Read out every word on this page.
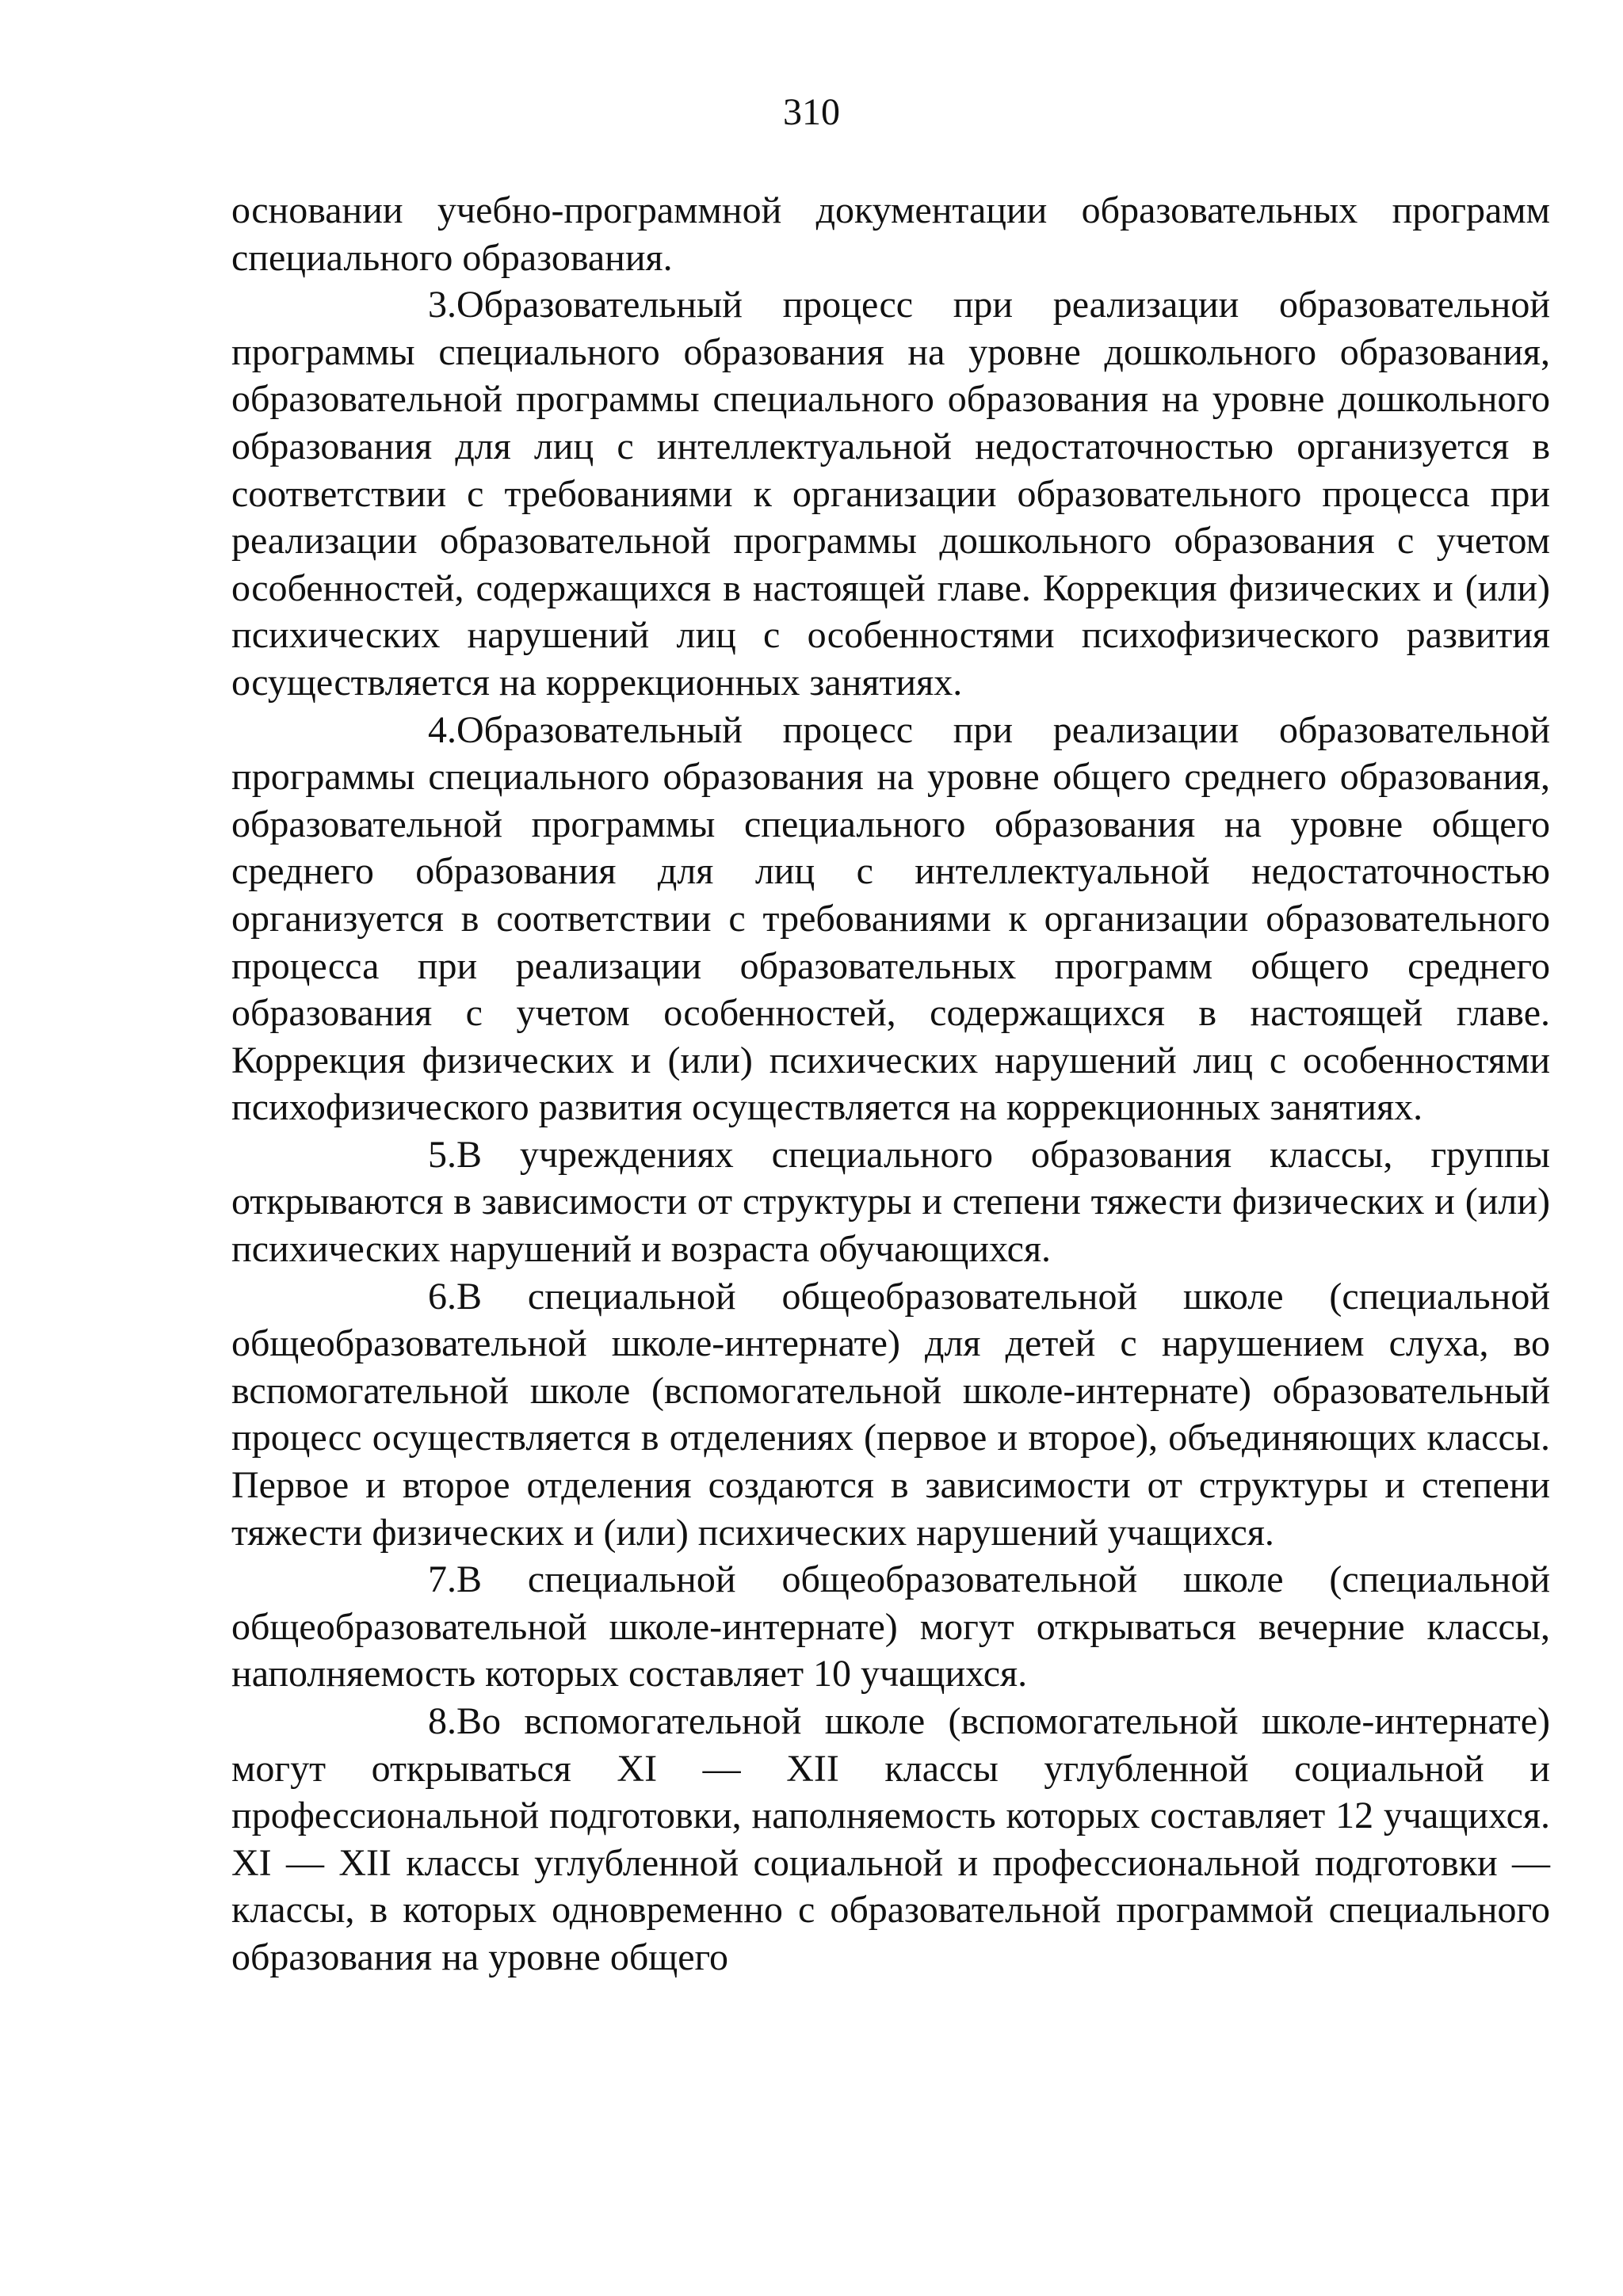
310

основании учебно-программной документации образовательных программ специального образования.

3.Образовательный процесс при реализации образовательной программы специального образования на уровне дошкольного образования, образовательной программы специального образования на уровне дошкольного образования для лиц с интеллектуальной недостаточностью организуется в соответствии с требованиями к организации образовательного процесса при реализации образовательной программы дошкольного образования с учетом особенностей, содержащихся в настоящей главе. Коррекция физических и (или) психических нарушений лиц с особенностями психофизического развития осуществляется на коррекционных занятиях.

4.Образовательный процесс при реализации образовательной программы специального образования на уровне общего среднего образования, образовательной программы специального образования на уровне общего среднего образования для лиц с интеллектуальной недостаточностью организуется в соответствии с требованиями к организации образовательного процесса при реализации образовательных программ общего среднего образования с учетом особенностей, содержащихся в настоящей главе. Коррекция физических и (или) психических нарушений лиц с особенностями психофизического развития осуществляется на коррекционных занятиях.

5.В учреждениях специального образования классы, группы открываются в зависимости от структуры и степени тяжести физических и (или) психических нарушений и возраста обучающихся.

6.В специальной общеобразовательной школе (специальной общеобразовательной школе-интернате) для детей с нарушением слуха, во вспомогательной школе (вспомогательной школе-интернате) образовательный процесс осуществляется в отделениях (первое и второе), объединяющих классы. Первое и второе отделения создаются в зависимости от структуры и степени тяжести физических и (или) психических нарушений учащихся.

7.В специальной общеобразовательной школе (специальной общеобразовательной школе-интернате) могут открываться вечерние классы, наполняемость которых составляет 10 учащихся.

8.Во вспомогательной школе (вспомогательной школе-интернате) могут открываться XI — XII классы углубленной социальной и профессиональной подготовки, наполняемость которых составляет 12 учащихся. XI — XII классы углубленной социальной и профессиональной подготовки — классы, в которых одновременно с образовательной программой специального образования на уровне общего
